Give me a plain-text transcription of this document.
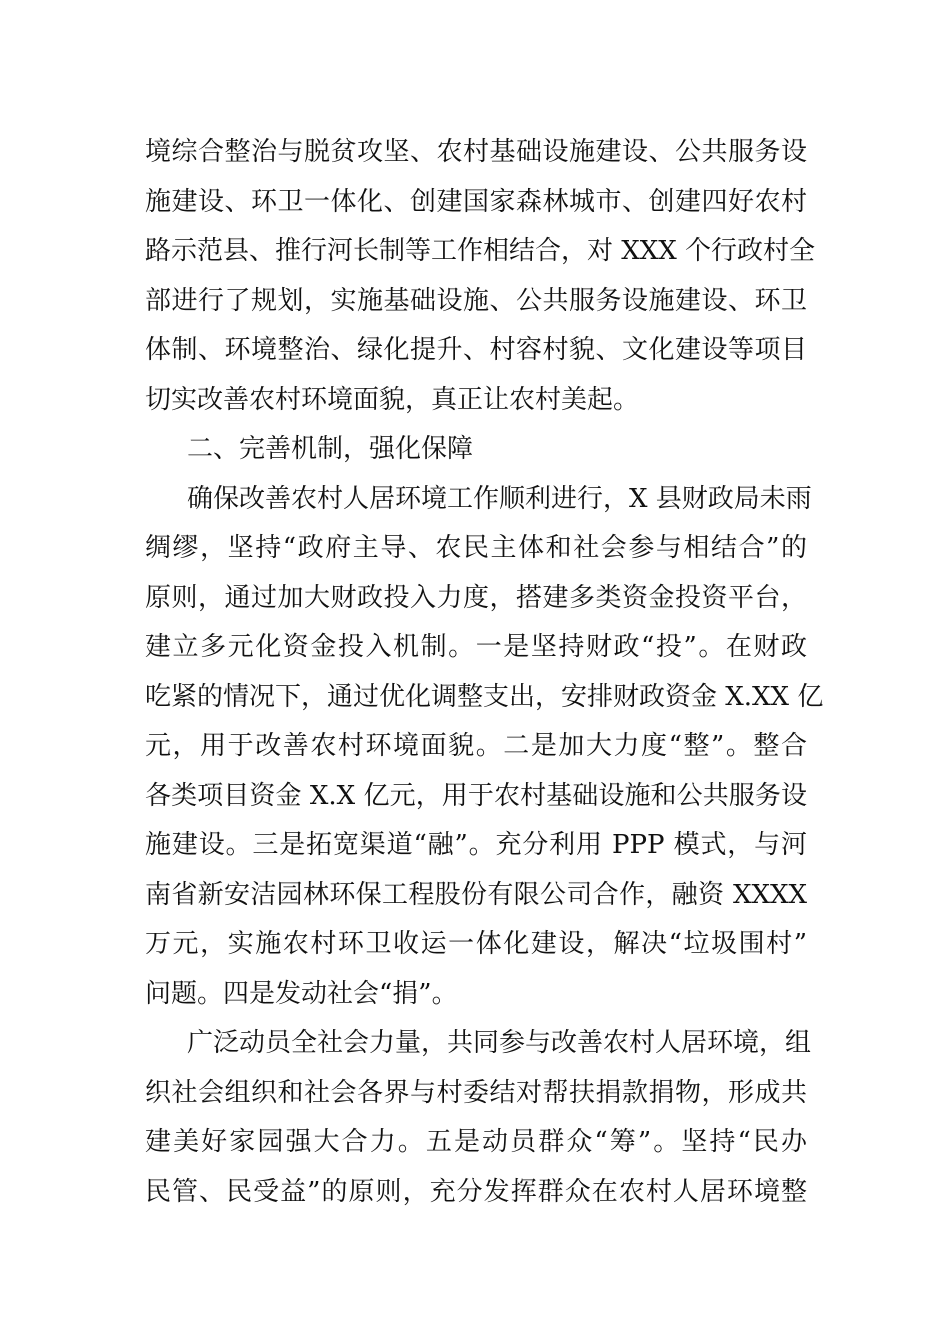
境综合整治与脱贫攻坚、农村基础设施建设、公共服务设
施建设、环卫一体化、创建国家森林城市、创建四好农村
路示范县、推行河长制等工作相结合，对 XXX 个行政村全
部进行了规划，实施基础设施、公共服务设施建设、环卫
体制、环境整治、绿化提升、村容村貌、文化建设等项目
切实改善农村环境面貌，真正让农村美起。
二、完善机制，强化保障
确保改善农村人居环境工作顺利进行，X 县财政局未雨
绸缪，坚持“政府主导、农民主体和社会参与相结合”的
原则，通过加大财政投入力度，搭建多类资金投资平台，
建立多元化资金投入机制。一是坚持财政“投”。在财政
吃紧的情况下，通过优化调整支出，安排财政资金 X.XX 亿
元，用于改善农村环境面貌。二是加大力度“整”。整合
各类项目资金 X.X 亿元，用于农村基础设施和公共服务设
施建设。三是拓宽渠道“融”。充分利用 PPP 模式，与河
南省新安洁园林环保工程股份有限公司合作，融资 XXXX
万元，实施农村环卫收运一体化建设，解决“垃圾围村”
问题。四是发动社会“捐”。
广泛动员全社会力量，共同参与改善农村人居环境，组
织社会组织和社会各界与村委结对帮扶捐款捐物，形成共
建美好家园强大合力。五是动员群众“筹”。坚持“民办
民管、民受益”的原则，充分发挥群众在农村人居环境整
